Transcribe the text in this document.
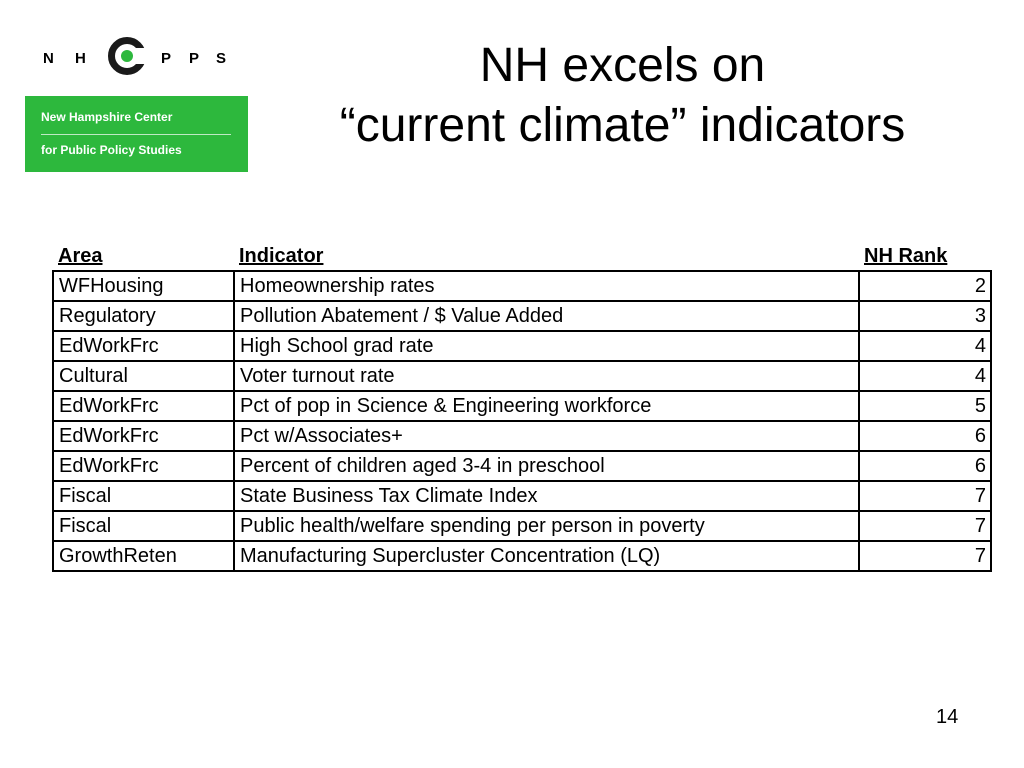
N H	P P S
New Hampshire Center
for Public Policy Studies
NH excels on
“current climate” indicators
Area	Indicator	NH Rank
WFHousing	Homeownership rates	2
Regulatory	Pollution Abatement / $ Value Added	3
EdWorkFrc	High School grad rate	4
Cultural	Voter turnout rate	4
EdWorkFrc	Pct of pop in Science & Engineering workforce	5
EdWorkFrc	Pct w/Associates+	6
EdWorkFrc	Percent of children aged 3-4 in preschool	6
Fiscal	State Business Tax Climate Index	7
Fiscal	Public health/welfare spending per person in poverty	7
GrowthReten	Manufacturing Supercluster Concentration (LQ)	7
14
